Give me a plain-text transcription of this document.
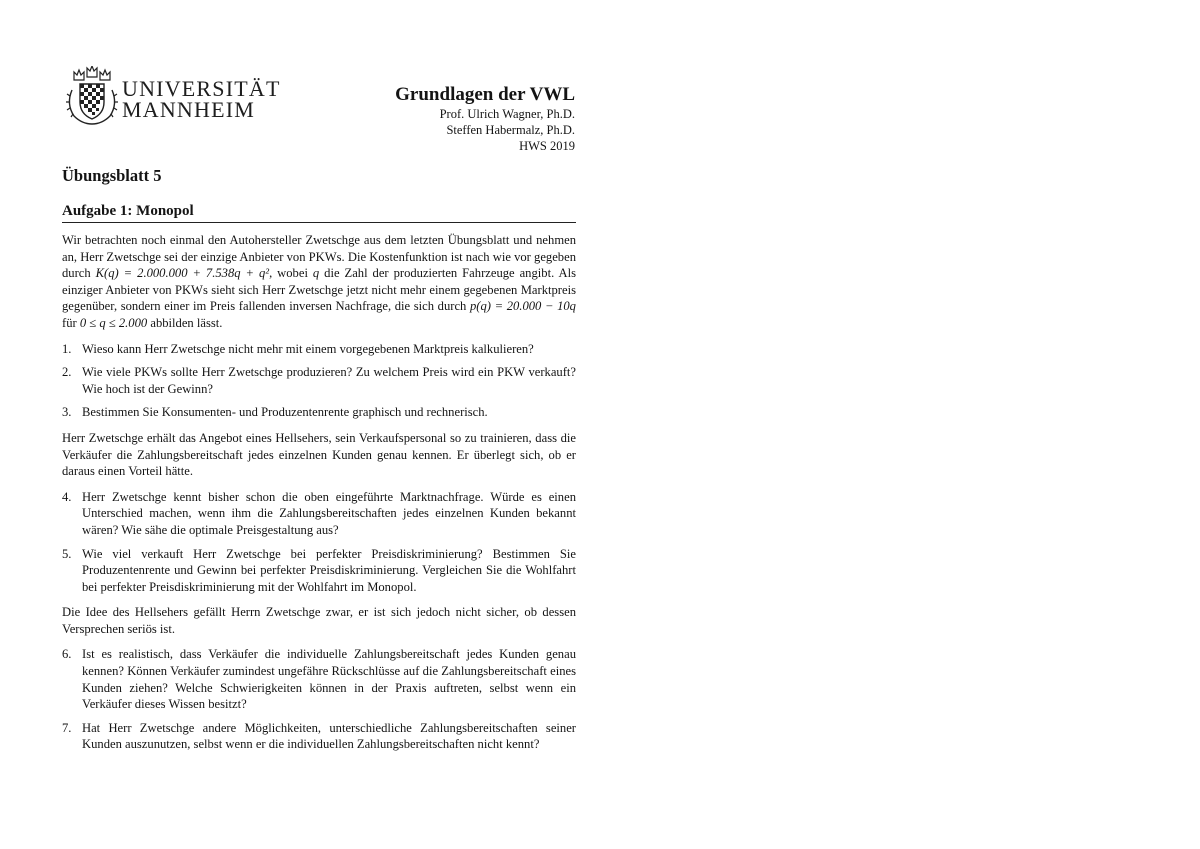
UNIVERSITÄT
MANNHEIM
Grundlagen der VWL
Prof. Ulrich Wagner, Ph.D.
Steffen Habermalz, Ph.D.
HWS 2019
Übungsblatt 5
Aufgabe 1: Monopol

Wir betrachten noch einmal den Autohersteller Zwetschge aus dem letzten Übungsblatt und nehmen an, Herr Zwetschge sei der einzige Anbieter von PKWs. Die Kostenfunktion ist nach wie vor gegeben durch K(q) = 2.000.000 + 7.538q + q², wobei q die Zahl der produzierten Fahrzeuge angibt. Als einziger Anbieter von PKWs sieht sich Herr Zwetschge jetzt nicht mehr einem gegebenen Marktpreis gegenüber, sondern einer im Preis fallenden inversen Nachfrage, die sich durch p(q) = 20.000 − 10q für 0 ≤ q ≤ 2.000 abbilden lässt.

1. Wieso kann Herr Zwetschge nicht mehr mit einem vorgegebenen Marktpreis kalkulieren?
2. Wie viele PKWs sollte Herr Zwetschge produzieren? Zu welchem Preis wird ein PKW verkauft? Wie hoch ist der Gewinn?
3. Bestimmen Sie Konsumenten- und Produzentenrente graphisch und rechnerisch.

Herr Zwetschge erhält das Angebot eines Hellsehers, sein Verkaufspersonal so zu trainieren, dass die Verkäufer die Zahlungsbereitschaft jedes einzelnen Kunden genau kennen. Er überlegt sich, ob er daraus einen Vorteil hätte.

4. Herr Zwetschge kennt bisher schon die oben eingeführte Marktnachfrage. Würde es einen Unterschied machen, wenn ihm die Zahlungsbereitschaften jedes einzelnen Kunden bekannt wären? Wie sähe die optimale Preisgestaltung aus?
5. Wie viel verkauft Herr Zwetschge bei perfekter Preisdiskriminierung? Bestimmen Sie Produzentenrente und Gewinn bei perfekter Preisdiskriminierung. Vergleichen Sie die Wohlfahrt bei perfekter Preisdiskriminierung mit der Wohlfahrt im Monopol.

Die Idee des Hellsehers gefällt Herrn Zwetschge zwar, er ist sich jedoch nicht sicher, ob dessen Versprechen seriös ist.

6. Ist es realistisch, dass Verkäufer die individuelle Zahlungsbereitschaft jedes Kunden genau kennen? Können Verkäufer zumindest ungefähre Rückschlüsse auf die Zahlungsbereitschaft eines Kunden ziehen? Welche Schwierigkeiten können in der Praxis auftreten, selbst wenn ein Verkäufer dieses Wissen besitzt?
7. Hat Herr Zwetschge andere Möglichkeiten, unterschiedliche Zahlungsbereitschaften seiner Kunden auszunutzen, selbst wenn er die individuellen Zahlungsbereitschaften nicht kennt?
